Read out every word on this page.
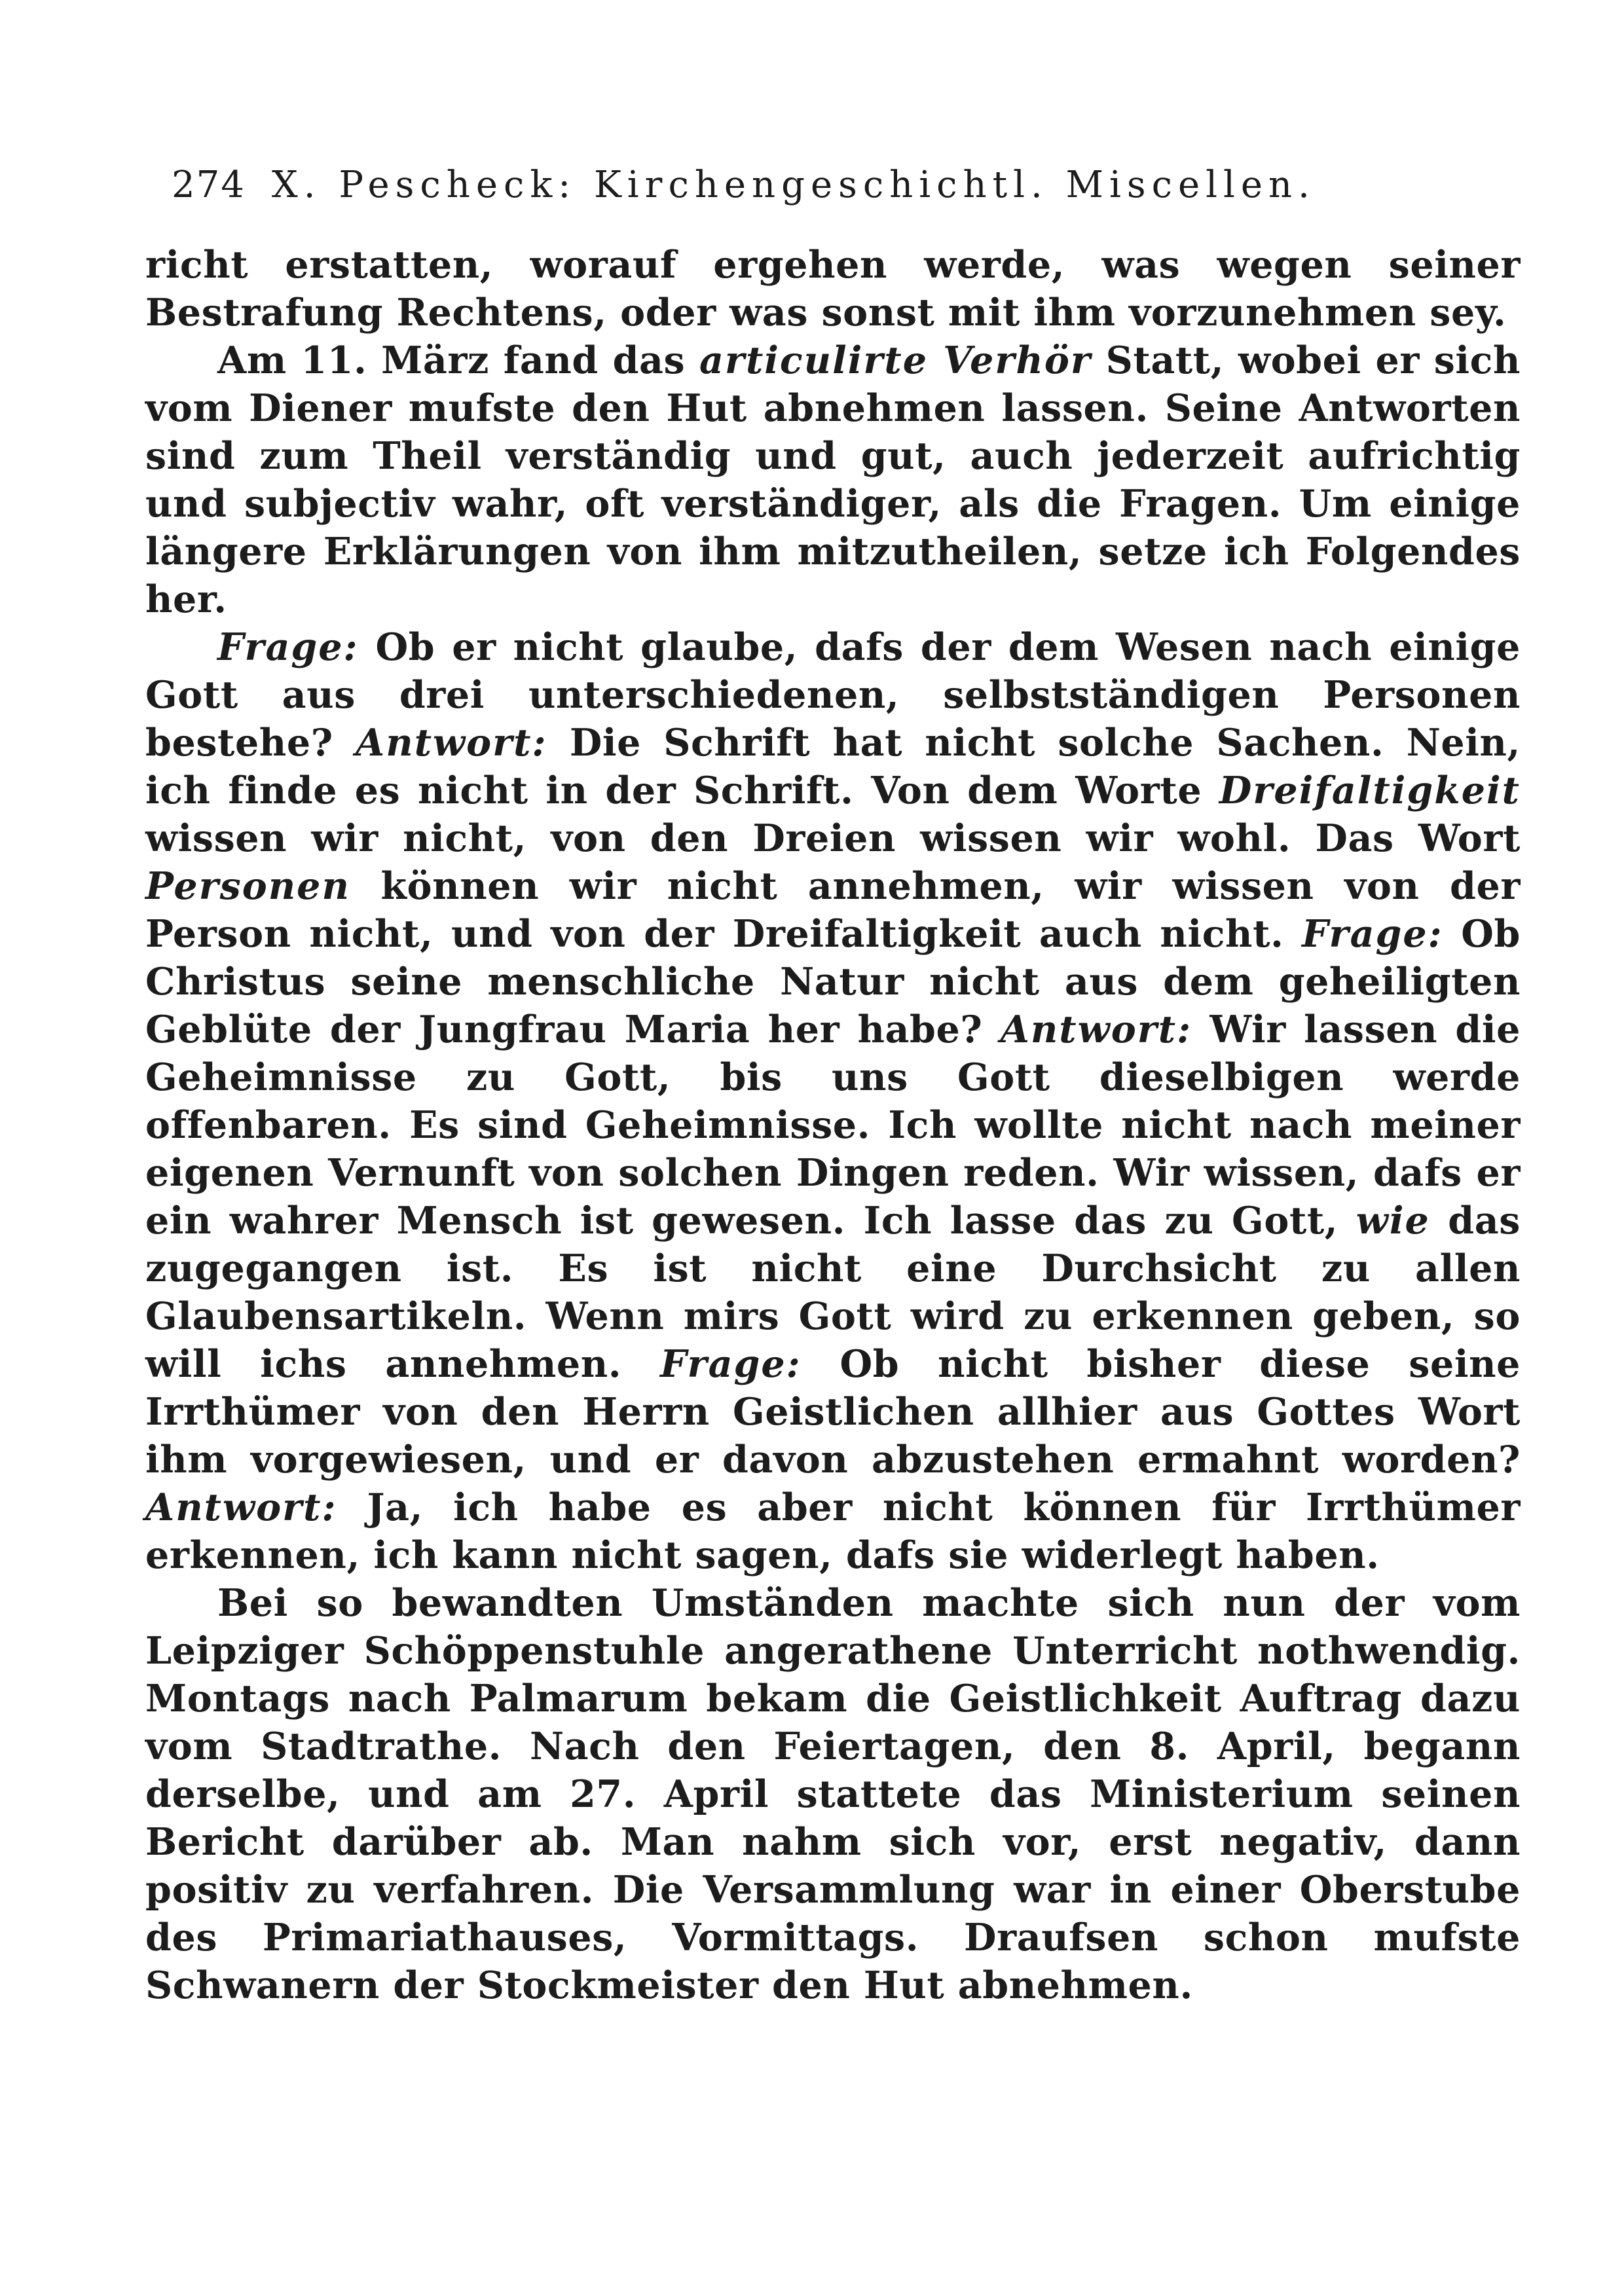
274 X. Pescheck: Kirchengeschichtl. Miscellen.

richt erstatten, worauf ergehen werde, was wegen seiner Bestrafung Rechtens, oder was sonst mit ihm vorzunehmen sey.

Am 11. März fand das articulirte Verhör Statt, wobei er sich vom Diener mufste den Hut abnehmen lassen. Seine Antworten sind zum Theil verständig und gut, auch jederzeit aufrichtig und subjectiv wahr, oft verständiger, als die Fragen. Um einige längere Erklärungen von ihm mitzutheilen, setze ich Folgendes her.

Frage: Ob er nicht glaube, dafs der dem Wesen nach einige Gott aus drei unterschiedenen, selbstständigen Personen bestehe? Antwort: Die Schrift hat nicht solche Sachen. Nein, ich finde es nicht in der Schrift. Von dem Worte Dreifaltigkeit wissen wir nicht, von den Dreien wissen wir wohl. Das Wort Personen können wir nicht annehmen, wir wissen von der Person nicht, und von der Dreifaltigkeit auch nicht. Frage: Ob Christus seine menschliche Natur nicht aus dem geheiligten Geblüte der Jungfrau Maria her habe? Antwort: Wir lassen die Geheimnisse zu Gott, bis uns Gott dieselbigen werde offenbaren. Es sind Geheimnisse. Ich wollte nicht nach meiner eigenen Vernunft von solchen Dingen reden. Wir wissen, dafs er ein wahrer Mensch ist gewesen. Ich lasse das zu Gott, wie das zugegangen ist. Es ist nicht eine Durchsicht zu allen Glaubensartikeln. Wenn mirs Gott wird zu erkennen geben, so will ichs annehmen. Frage: Ob nicht bisher diese seine Irrthümer von den Herrn Geistlichen allhier aus Gottes Wort ihm vorgewiesen, und er davon abzustehen ermahnt worden? Antwort: Ja, ich habe es aber nicht können für Irrthümer erkennen, ich kann nicht sagen, dafs sie widerlegt haben.

Bei so bewandten Umständen machte sich nun der vom Leipziger Schöppenstuhle angerathene Unterricht nothwendig. Montags nach Palmarum bekam die Geistlichkeit Auftrag dazu vom Stadtrathe. Nach den Feiertagen, den 8. April, begann derselbe, und am 27. April stattete das Ministerium seinen Bericht darüber ab. Man nahm sich vor, erst negativ, dann positiv zu verfahren. Die Versammlung war in einer Oberstube des Primariathauses, Vormittags. Draufsen schon mufste Schwanern der Stockmeister den Hut abnehmen.
